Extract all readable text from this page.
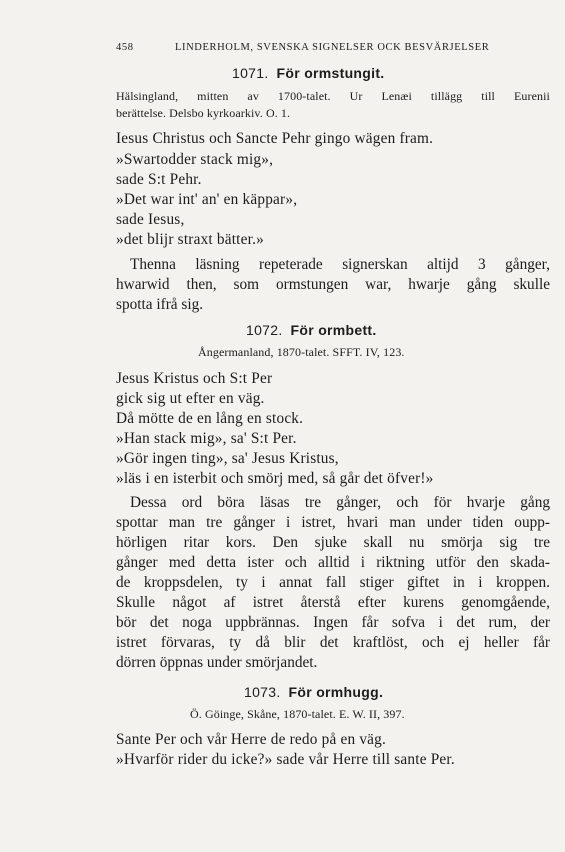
458	LINDERHOLM, SVENSKA SIGNELSER OCK BESVÄRJELSER
1071. För ormstungit.
Hälsingland, mitten av 1700-talet. Ur Lenæi tillägg till Eurenii
berättelse. Delsbo kyrkoarkiv. O. 1.
Iesus Christus och Sancte Pehr gingo wägen fram.
»Swartodder stack mig»,
sade S:t Pehr.
»Det war int' an' en käppar»,
sade Iesus,
»det blijr straxt bätter.»
Thenna läsning repeterade signerskan altijd 3 gånger,
hwarwid then, som ormstungen war, hwarje gång skulle
spotta ifrå sig.
1072. För ormbett.
Ångermanland, 1870-talet. SFFT. IV, 123.
Jesus Kristus och S:t Per
gick sig ut efter en väg.
Då mötte de en lång en stock.
»Han stack mig», sa' S:t Per.
»Gör ingen ting», sa' Jesus Kristus,
»läs i en isterbit och smörj med, så går det öfver!»
Dessa ord böra läsas tre gånger, och för hvarje gång
spottar man tre gånger i istret, hvari man under tiden oupp-
hörligen ritar kors. Den sjuke skall nu smörja sig tre
gånger med detta ister och alltid i riktning utför den skada-
de kroppsdelen, ty i annat fall stiger giftet in i kroppen.
Skulle något af istret återstå efter kurens genomgående,
bör det noga uppbrännas. Ingen får sofva i det rum, der
istret förvaras, ty då blir det kraftlöst, och ej heller får
dörren öppnas under smörjandet.
1073. För ormhugg.
Ö. Göinge, Skåne, 1870-talet. E. W. II, 397.
Sante Per och vår Herre de redo på en väg.
»Hvarför rider du icke?» sade vår Herre till sante Per.
